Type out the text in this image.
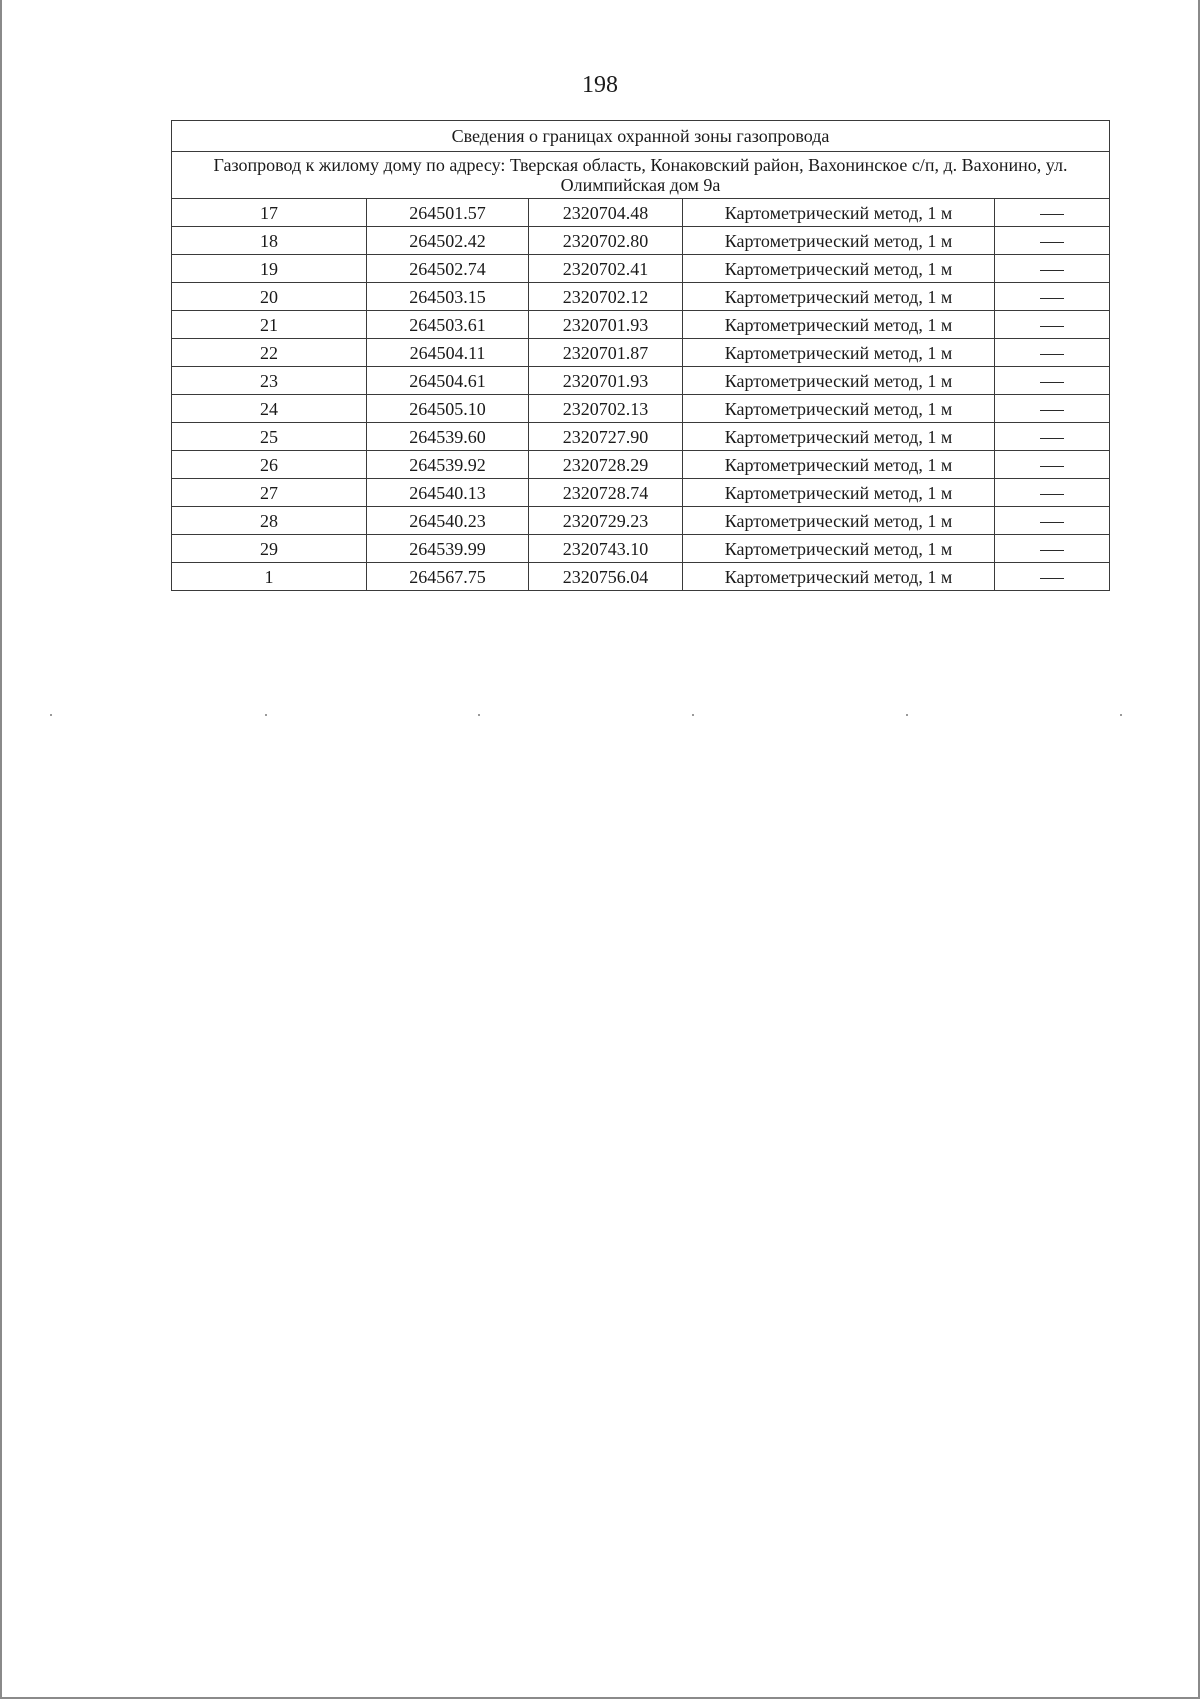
198
Сведения о границах охранной зоны газопровода				
Газопровод к жилому дому по адресу: Тверская область, Конаковский район, Вахонинское с/п, д. Вахонино, ул. Олимпийская дом 9а				
17	264501.57	2320704.48	Картометрический метод, 1 м	
18	264502.42	2320702.80	Картометрический метод, 1 м	
19	264502.74	2320702.41	Картометрический метод, 1 м	
20	264503.15	2320702.12	Картометрический метод, 1 м	
21	264503.61	2320701.93	Картометрический метод, 1 м	
22	264504.11	2320701.87	Картометрический метод, 1 м	
23	264504.61	2320701.93	Картометрический метод, 1 м	
24	264505.10	2320702.13	Картометрический метод, 1 м	
25	264539.60	2320727.90	Картометрический метод, 1 м	
26	264539.92	2320728.29	Картометрический метод, 1 м	
27	264540.13	2320728.74	Картометрический метод, 1 м	
28	264540.23	2320729.23	Картометрический метод, 1 м	
29	264539.99	2320743.10	Картометрический метод, 1 м	
1	264567.75	2320756.04	Картометрический метод, 1 м	
